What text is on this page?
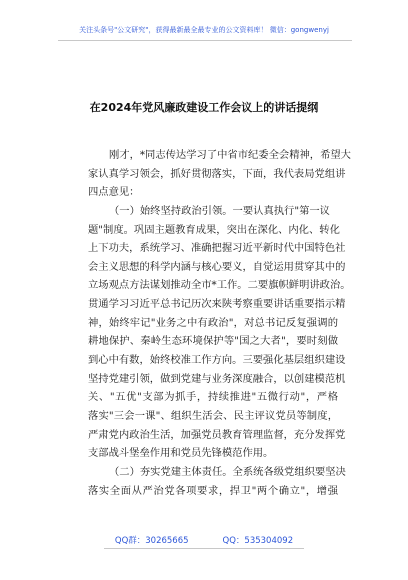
关注头条号"公文研究"，获得最新最全最专业的公文资料库！ 微信：gongwenyj
在2024年党风廉政建设工作会议上的讲话提纲
刚才，*同志传达学习了中省市纪委全会精神，希望大
家认真学习领会，抓好贯彻落实，下面，我代表局党组讲
四点意见：
（一）始终坚持政治引领。一要认真执行"第一议
题"制度。巩固主题教育成果，突出在深化、内化、转化
上下功夫，系统学习、准确把握习近平新时代中国特色社
会主义思想的科学内涵与核心要义，自觉运用贯穿其中的
立场观点方法谋划推动全市*工作。二要旗帜鲜明讲政治。
贯通学习习近平总书记历次来陕考察重要讲话重要指示精
神，始终牢记"业务之中有政治"，对总书记反复强调的
耕地保护、秦岭生态环境保护等"国之大者"，要时刻做
到心中有数，始终校准工作方向。三要强化基层组织建设
坚持党建引领，做到党建与业务深度融合，以创建模范机
关、"五优"支部为抓手，持续推进"五微行动"，严格
落实"三会一课"、组织生活会、民主评议党员等制度，
严肃党内政治生活，加强党员教育管理监督，充分发挥党
支部战斗堡垒作用和党员先锋模范作用。
（二）夯实党建主体责任。全系统各级党组织要坚决
落实全面从严治党各项要求，捍卫"两个确立"，增强
QQ群：30265665	QQ：535304092
